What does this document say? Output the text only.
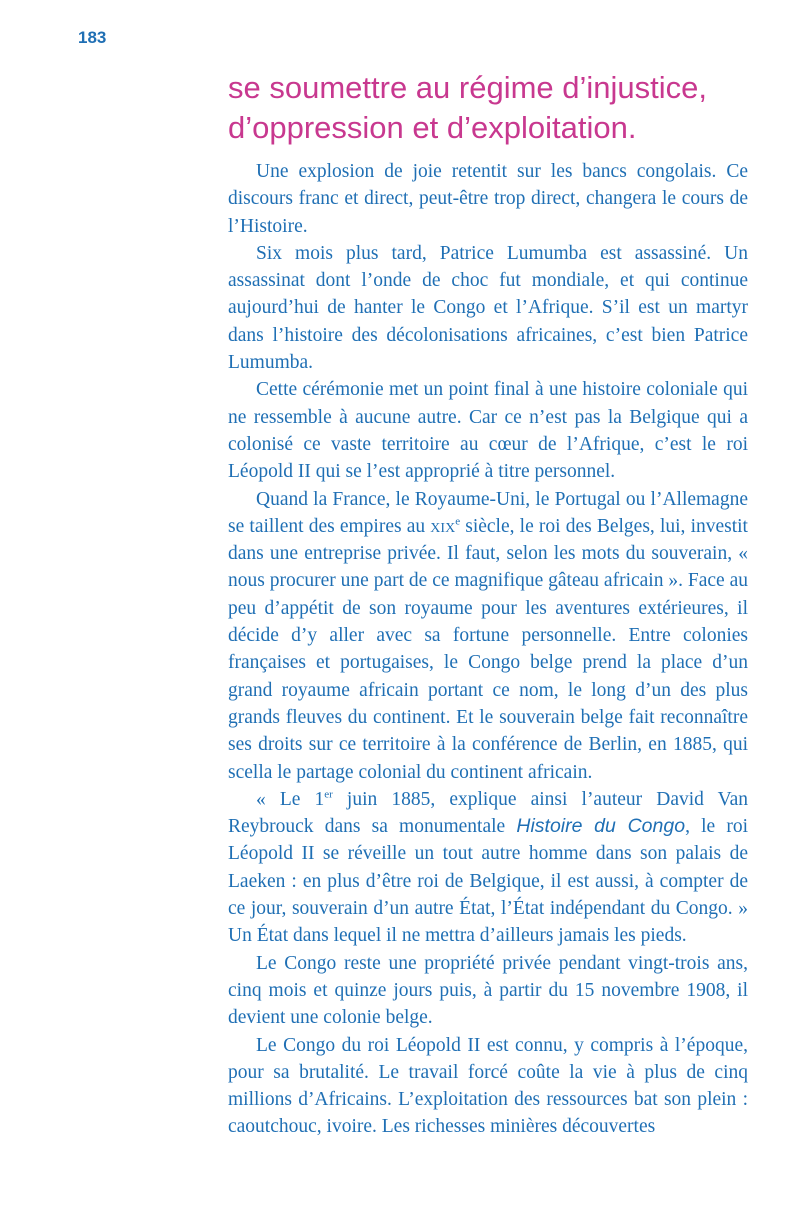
183
se soumettre au régime d’injustice, d’oppression et d’exploitation.

Une explosion de joie retentit sur les bancs congolais. Ce discours franc et direct, peut-être trop direct, changera le cours de l’Histoire.

Six mois plus tard, Patrice Lumumba est assassiné. Un assassinat dont l’onde de choc fut mondiale, et qui continue aujourd’hui de hanter le Congo et l’Afrique. S’il est un martyr dans l’histoire des décolonisations africaines, c’est bien Patrice Lumumba.

Cette cérémonie met un point final à une histoire coloniale qui ne ressemble à aucune autre. Car ce n’est pas la Belgique qui a colonisé ce vaste territoire au cœur de l’Afrique, c’est le roi Léopold II qui se l’est approprié à titre personnel.

Quand la France, le Royaume-Uni, le Portugal ou l’Allemagne se taillent des empires au xix$^e$ siècle, le roi des Belges, lui, investit dans une entreprise privée. Il faut, selon les mots du souverain, « nous procurer une part de ce magnifique gâteau africain ». Face au peu d’appétit de son royaume pour les aventures extérieures, il décide d’y aller avec sa fortune personnelle. Entre colonies françaises et portugaises, le Congo belge prend la place d’un grand royaume africain portant ce nom, le long d’un des plus grands fleuves du continent. Et le souverain belge fait reconnaître ses droits sur ce territoire à la conférence de Berlin, en 1885, qui scella le partage colonial du continent africain.

« Le 1er juin 1885, explique ainsi l’auteur David Van Reybrouck dans sa monumentale Histoire du Congo, le roi Léopold II se réveille un tout autre homme dans son palais de Laeken : en plus d’être roi de Belgique, il est aussi, à compter de ce jour, souverain d’un autre État, l’État indépendant du Congo. » Un État dans lequel il ne mettra d’ailleurs jamais les pieds.

Le Congo reste une propriété privée pendant vingt-trois ans, cinq mois et quinze jours puis, à partir du 15 novembre 1908, il devient une colonie belge.

Le Congo du roi Léopold II est connu, y compris à l’époque, pour sa brutalité. Le travail forcé coûte la vie à plus de cinq millions d’Africains. L’exploitation des ressources bat son plein : caoutchouc, ivoire. Les richesses minières découvertes
